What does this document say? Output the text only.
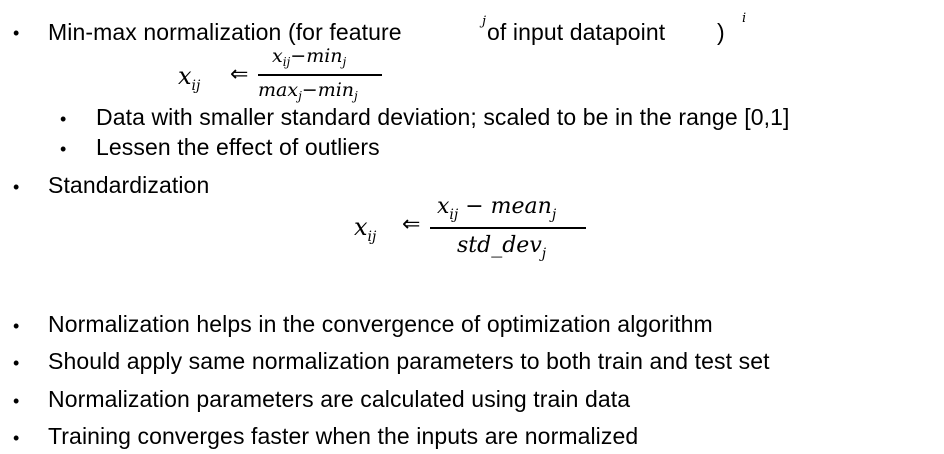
• Min-max normalization (for feature	j of input datapoint )
i
$x_{ij}$ ⇐
$x_{ij}-\min_j$
$\max_j-\min_j$
• Data with smaller standard deviation; scaled to be in the range [0,1]
• Lessen the effect of outliers
• Standardization
$x_{ij}$ ⇐
$x_{ij}$ − mean$_j$
std_dev$_j$
• Normalization helps in the convergence of optimization algorithm
• Should apply same normalization parameters to both train and test set
• Normalization parameters are calculated using train data
• Training converges faster when the inputs are normalized
